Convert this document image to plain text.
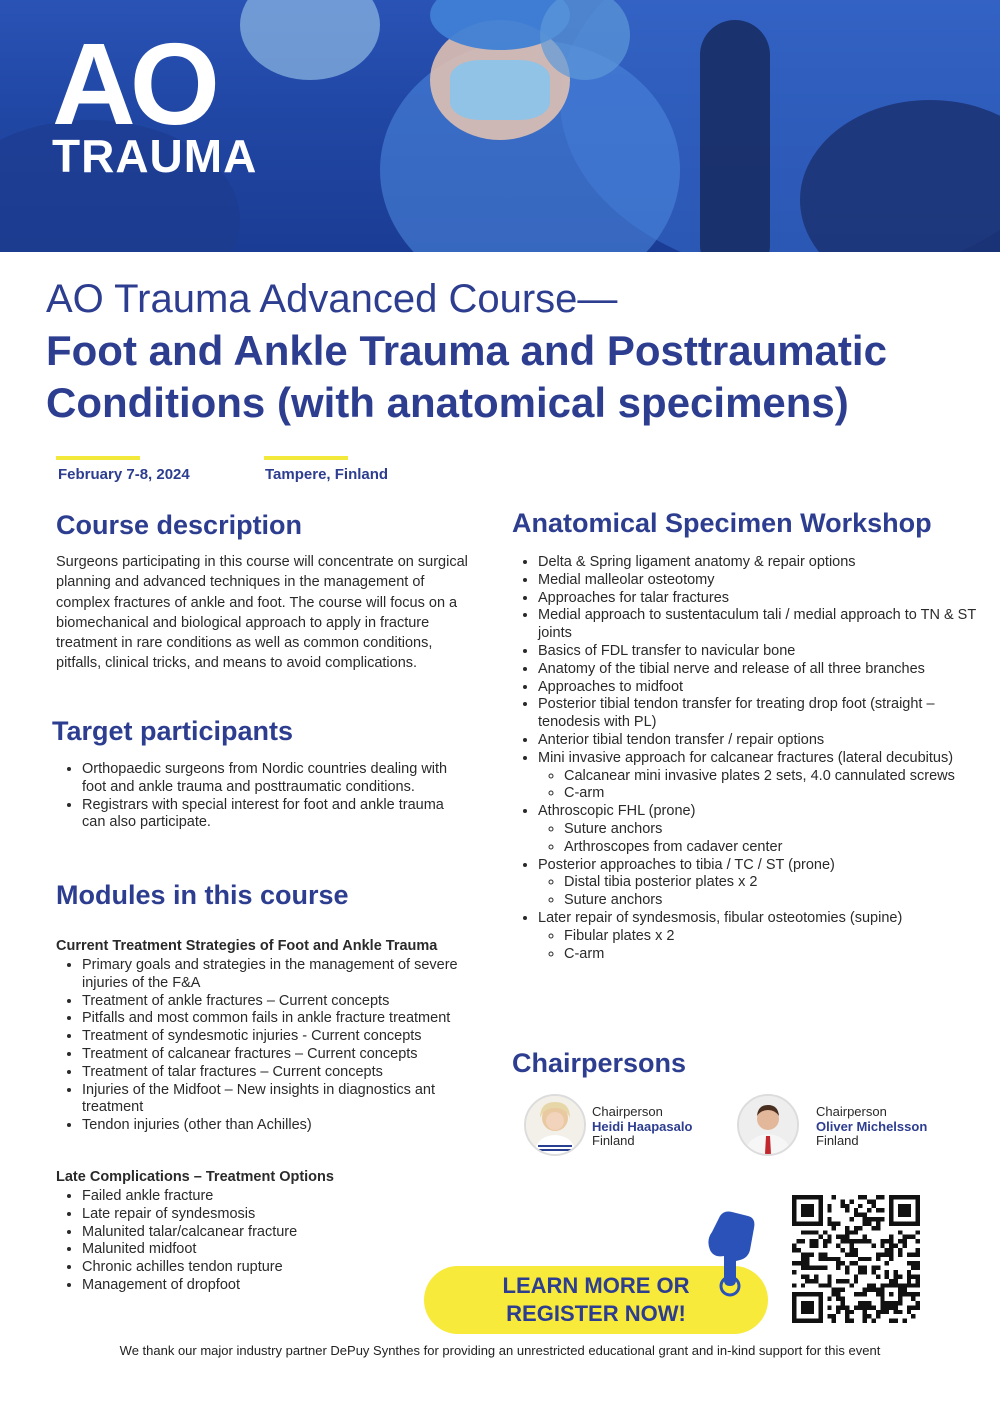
AO
TRAUMA
AO Trauma Advanced Course—
Foot and Ankle Trauma and Posttraumatic Conditions (with anatomical specimens)
February 7-8, 2024	Tampere, Finland
Course description

Surgeons participating in this course will concentrate on surgical planning and advanced techniques in the management of complex fractures of ankle and foot. The course will focus on a biomechanical and biological approach to apply in fracture treatment in rare conditions as well as common conditions, pitfalls, clinical tricks, and means to avoid complications.

Target participants
• Orthopaedic surgeons from Nordic countries dealing with foot and ankle trauma and posttraumatic conditions.
• Registrars with special interest for foot and ankle trauma can also participate.
Modules in this course
Current Treatment Strategies of Foot and Ankle Trauma
• Primary goals and strategies in the management of severe injuries of the F&A
• Treatment of ankle fractures – Current concepts
• Pitfalls and most common fails in ankle fracture treatment
• Treatment of syndesmotic injuries - Current concepts
• Treatment of calcanear fractures – Current concepts
• Treatment of talar fractures – Current concepts
• Injuries of the Midfoot – New insights in diagnostics ant treatment
• Tendon injuries (other than Achilles)
Late Complications – Treatment Options
• Failed ankle fracture
• Late repair of syndesmosis
• Malunited talar/calcanear fracture
• Malunited midfoot
• Chronic achilles tendon rupture
• Management of dropfoot
Anatomical Specimen Workshop
• Delta & Spring ligament anatomy & repair options
• Medial malleolar osteotomy
• Approaches for talar fractures
• Medial approach to sustentaculum tali / medial approach to TN & ST joints
• Basics of FDL transfer to navicular bone
• Anatomy of the tibial nerve and release of all three branches
• Approaches to midfoot
• Posterior tibial tendon transfer for treating drop foot (straight – tenodesis with PL)
• Anterior tibial tendon transfer / repair options
• Mini invasive approach for calcanear fractures (lateral decubitus)
◦ Calcanear mini invasive plates 2 sets, 4.0 cannulated screws
◦ C-arm
• Athroscopic FHL (prone)
◦ Suture anchors
◦ Arthroscopes from cadaver center
• Posterior approaches to tibia / TC / ST (prone)
◦ Distal tibia posterior plates x 2
◦ Suture anchors
• Later repair of syndesmosis, fibular osteotomies (supine)
◦ Fibular plates x 2
◦ C-arm
Chairpersons
Chairperson
Heidi Haapasalo
Finland
Chairperson
Oliver Michelsson
Finland
LEARN MORE OR
REGISTER NOW!
We thank our major industry partner DePuy Synthes for providing an unrestricted educational grant and in-kind support for this event
